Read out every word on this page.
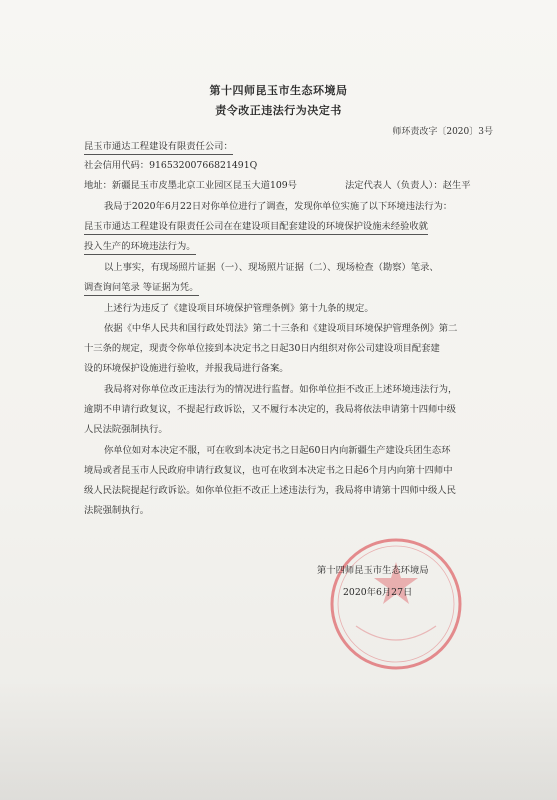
第十四师昆玉市生态环境局
责令改正违法行为决定书
师环责改字〔2020〕3号
昆玉市通达工程建设有限责任公司：
社会信用代码：91653200766821491Q
地址：新疆昆玉市皮墨北京工业园区昆玉大道109号	法定代表人（负责人）：赵生平
我局于2020年6月22日对你单位进行了调查，发现你单位实施了以下环境违法行为：
昆玉市通达工程建设有限责任公司在在建设项目配套建设的环境保护设施未经验收就
投入生产的环境违法行为。
以上事实，有现场照片证据（一）、现场照片证据（二）、现场检查（勘察）笔录、
调查询问笔录 等证据为凭。
上述行为违反了《建设项目环境保护管理条例》第十九条的规定。
依据《中华人民共和国行政处罚法》第二十三条和《建设项目环境保护管理条例》第二
十三条的规定，现责令你单位接到本决定书之日起30日内组织对你公司建设项目配套建
设的环境保护设施进行验收，并报我局进行备案。
我局将对你单位改正违法行为的情况进行监督。如你单位拒不改正上述环境违法行为，
逾期不申请行政复议，不提起行政诉讼，又不履行本决定的，我局将依法申请第十四师中级
人民法院强制执行。
你单位如对本决定不服，可在收到本决定书之日起60日内向新疆生产建设兵团生态环
境局或者昆玉市人民政府申请行政复议，也可在收到本决定书之日起6个月内向第十四师中
级人民法院提起行政诉讼。如你单位拒不改正上述违法行为，我局将申请第十四师中级人民
法院强制执行。
第十四师昆玉市生态环境局
2020年6月27日
